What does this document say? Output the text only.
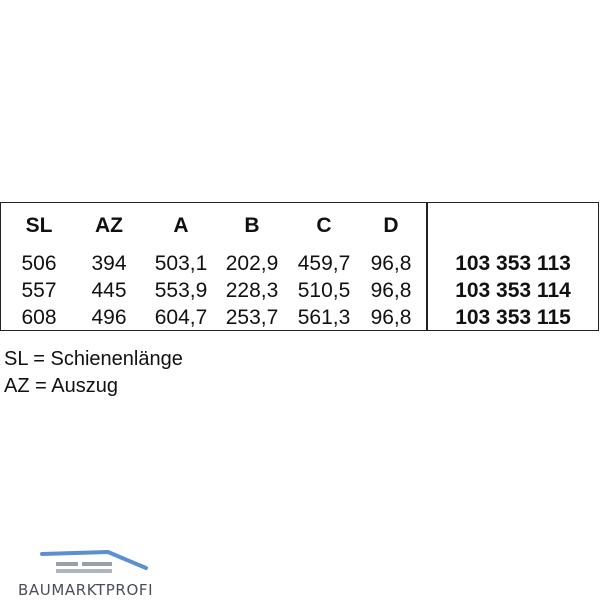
SL	AZ	A	B	C	D
506	394	503,1 202,9 459,7 96,8	103 353 113
557	445	553,9 228,3 510,5 96,8	103 353 114
608	496	604,7 253,7 561,3 96,8	103 353 115
SL = Schienenlänge
AZ = Auszug
BAUMARKTPROFI
